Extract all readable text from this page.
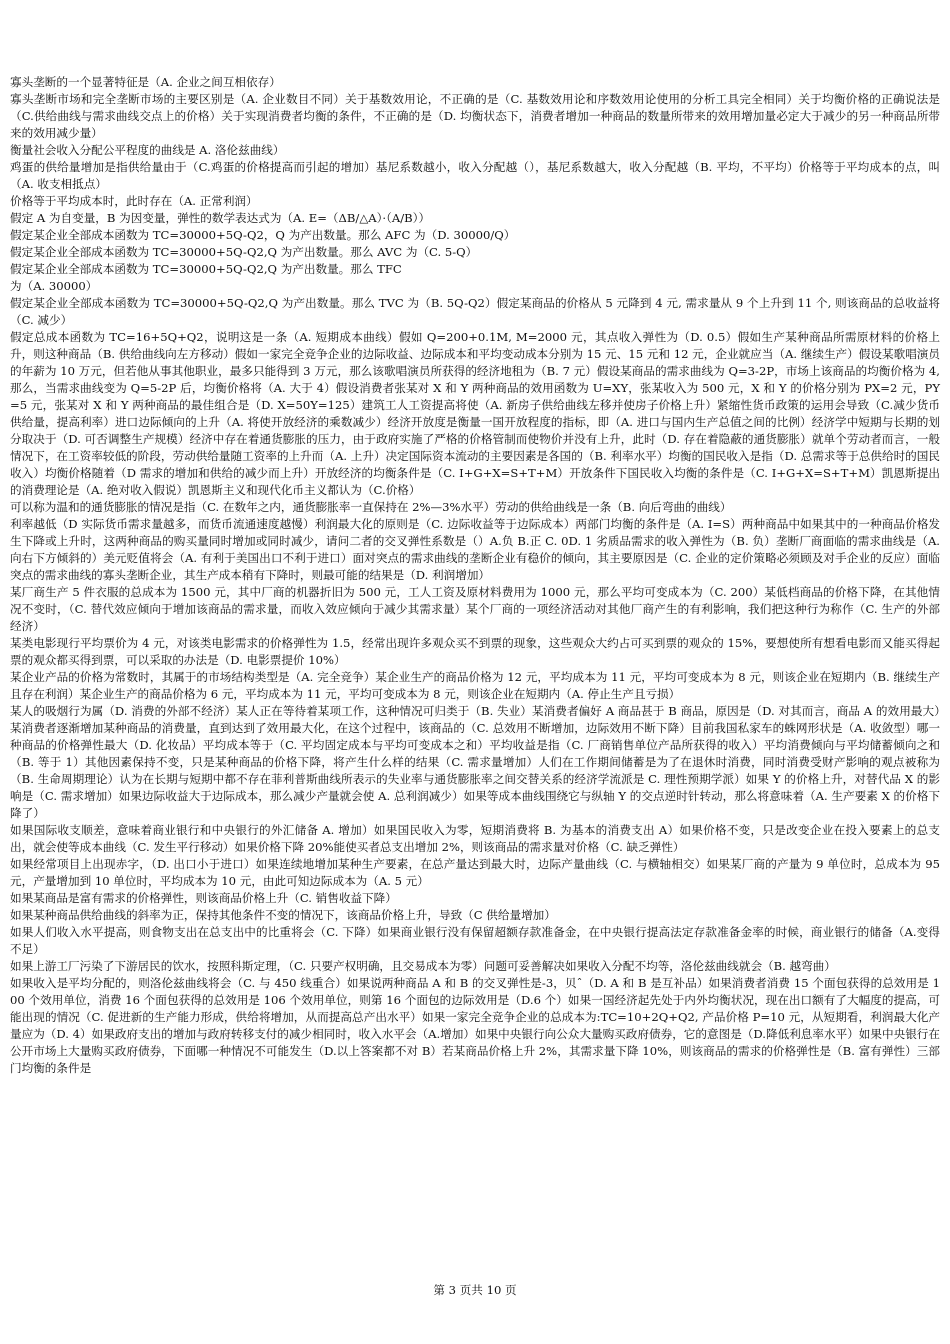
寡头垄断的一个显著特征是（A. 企业之间互相依存）

寡头垄断市场和完全垄断市场的主要区别是（A. 企业数目不同）关于基数效用论，不正确的是（C. 基数效用论和序数效用论使用的分析工具完全相同）关于均衡价格的正确说法是（C.供给曲线与需求曲线交点上的价格）关于实现消费者均衡的条件，不正确的是（D. 均衡状态下，消费者增加一种商品的数量所带来的效用增加量必定大于减少的另一种商品所带来的效用减少量）

衡量社会收入分配公平程度的曲线是 A. 洛伦兹曲线）

鸡蛋的供给量增加是指供给量由于（C.鸡蛋的价格提高而引起的增加）基尼系数越小，收入分配越（），基尼系数越大，收入分配越（B. 平均，不平均）价格等于平均成本的点，叫（A. 收支相抵点）

价格等于平均成本时，此时存在（A. 正常利润）

假定 A 为自变量，B 为因变量，弹性的数学表达式为（A. E=（ΔB/△A）·（A/B））

假定某企业全部成本函数为 TC=30000+5Q-Q2，Q 为产出数量。那么 AFC 为（D. 30000/Q）

假定某企业全部成本函数为 TC=30000+5Q-Q2,Q 为产出数量。那么 AVC 为（C. 5-Q）

假定某企业全部成本函数为 TC=30000+5Q-Q2,Q 为产出数量。那么 TFC

为（A. 30000）

假定某企业全部成本函数为 TC=30000+5Q-Q2,Q 为产出数量。那么 TVC 为（B. 5Q-Q2）假定某商品的价格从 5 元降到 4 元, 需求量从 9 个上升到 11 个, 则该商品的总收益将（C. 减少）

假定总成本函数为 TC=16+5Q+Q2，说明这是一条（A. 短期成本曲线）假如 Q=200+0.1M, M=2000 元，其点收入弹性为（D. 0.5）假如生产某种商品所需原材料的价格上升，则这种商品（B. 供给曲线向左方移动）假如一家完全竞争企业的边际收益、边际成本和平均变动成本分别为 15 元、15 元和 12 元，企业就应当（A. 继续生产）假设某歌唱演员的年薪为 10 万元，但若他从事其他职业，最多只能得到 3 万元，那么该歌唱演员所获得的经济地租为（B. 7 元）假设某商品的需求曲线为 Q=3-2P，市场上该商品的均衡价格为 4,那么，当需求曲线变为 Q=5-2P 后，均衡价格将（A. 大于 4）假设消费者张某对 X 和 Y 两种商品的效用函数为 U=XY，张某收入为 500 元，X 和 Y 的价格分别为 PX=2 元，PY=5 元，张某对 X 和 Y 两种商品的最佳组合是（D. X=50Y=125）建筑工人工资提高将使（A. 新房子供给曲线左移并使房子价格上升）紧缩性货币政策的运用会导致（C.减少货币供给量，提高利率）进口边际倾向的上升（A. 将使开放经济的乘数减少）经济开放度是衡量一国开放程度的指标，即（A. 进口与国内生产总值之间的比例）经济学中短期与长期的划分取决于（D. 可否调整生产规模）经济中存在着通货膨胀的压力，由于政府实施了严格的价格管制而使物价并没有上升，此时（D. 存在着隐蔽的通货膨胀）就单个劳动者而言，一般情况下，在工资率较低的阶段，劳动供给量随工资率的上升而（A. 上升）决定国际资本流动的主要因素是各国的（B. 利率水平）均衡的国民收入是指（D. 总需求等于总供给时的国民收入）均衡价格随着（D 需求的增加和供给的减少而上升）开放经济的均衡条件是（C. I+G+X=S+T+M）开放条件下国民收入均衡的条件是（C. I+G+X=S+T+M）凯恩斯提出的消费理论是（A. 绝对收入假说）凯恩斯主义和现代化币主义都认为（C.价格）

可以称为温和的通货膨胀的情况是指（C. 在数年之内，通货膨胀率一直保持在 2%—3%水平）劳动的供给曲线是一条（B. 向后弯曲的曲线）

利率越低（D 实际货币需求量越多，而货币流通速度越慢）利润最大化的原则是（C. 边际收益等于边际成本）两部门均衡的条件是（A. I=S）两种商品中如果其中的一种商品价格发生下降或上升时，这两种商品的购买量同时增加或同时减少，请问二者的交叉弹性系数是（）A.负 B.正 C. 0D. 1 劣质品需求的收入弹性为（B. 负）垄断厂商面临的需求曲线是（A. 向右下方倾斜的）美元贬值将会（A. 有利于美国出口不利于进口）面对突点的需求曲线的垄断企业有稳价的倾向，其主要原因是（C. 企业的定价策略必须顾及对手企业的反应）面临突点的需求曲线的寡头垄断企业，其生产成本稍有下降时，则最可能的结果是（D. 利润增加）

某厂商生产 5 件衣服的总成本为 1500 元，其中厂商的机器折旧为 500 元，工人工资及原材料费用为 1000 元，那么平均可变成本为（C. 200）某低档商品的价格下降，在其他情况不变时，（C. 替代效应倾向于增加该商品的需求量，而收入效应倾向于减少其需求量）某个厂商的一项经济活动对其他厂商产生的有利影响，我们把这种行为称作（C. 生产的外部经济）

某类电影现行平均票价为 4 元，对该类电影需求的价格弹性为 1.5，经常出现许多观众买不到票的现象，这些观众大约占可买到票的观众的 15%，要想使所有想看电影而又能买得起票的观众都买得到票，可以采取的办法是（D. 电影票提价 10%）

某企业产品的价格为常数时，其属于的市场结构类型是（A. 完全竞争）某企业生产的商品价格为 12 元，平均成本为 11 元，平均可变成本为 8 元，则该企业在短期内（B. 继续生产且存在利润）某企业生产的商品价格为 6 元，平均成本为 11 元，平均可变成本为 8 元，则该企业在短期内（A. 停止生产且亏损）

某人的吸烟行为属（D. 消费的外部不经济）某人正在等待着某项工作，这种情况可归类于（B. 失业）某消费者偏好 A 商品甚于 B 商品，原因是（D. 对其而言，商品 A 的效用最大）某消费者逐渐增加某种商品的消费量，直到达到了效用最大化，在这个过程中，该商品的（C. 总效用不断增加，边际效用不断下降）目前我国私家车的蛛网形状是（A. 收敛型）哪一种商品的价格弹性最大（D. 化妆品）平均成本等于（C. 平均固定成本与平均可变成本之和）平均收益是指（C. 厂商销售单位产品所获得的收入）平均消费倾向与平均储蓄倾向之和（B. 等于 1）其他因素保持不变，只是某种商品的价格下降，将产生什么样的结果（C. 需求量增加）人们在工作期间储蓄是为了在退休时消费，同时消费受财产影响的观点被称为（B. 生命周期理论）认为在长期与短期中都不存在菲利普斯曲线所表示的失业率与通货膨胀率之间交替关系的经济学流派是 C. 理性预期学派）如果 Y 的价格上升，对替代品 X 的影响是（C. 需求增加）如果边际收益大于边际成本，那么减少产量就会使 A. 总利润减少）如果等成本曲线围绕它与纵轴 Y 的交点逆时针转动，那么将意味着（A. 生产要素 X 的价格下降了）

如果国际收支顺差，意味着商业银行和中央银行的外汇储备 A. 增加）如果国民收入为零，短期消费将 B. 为基本的消费支出 A）如果价格不变，只是改变企业在投入要素上的总支出，就会使等成本曲线（C. 发生平行移动）如果价格下降 20%能使买者总支出增加 2%，则该商品的需求量对价格（C. 缺乏弹性）

如果经常项目上出现赤字，（D. 出口小于进口）如果连续地增加某种生产要素，在总产量达到最大时，边际产量曲线（C. 与横轴相交）如果某厂商的产量为 9 单位时，总成本为 95 元，产量增加到 10 单位时，平均成本为 10 元，由此可知边际成本为（A. 5 元）

如果某商品是富有需求的价格弹性，则该商品价格上升（C. 销售收益下降）

如果某种商品供给曲线的斜率为正，保持其他条件不变的情况下，该商品价格上升，导致（C 供给量增加）

如果人们收入水平提高，则食物支出在总支出中的比重将会（C. 下降）如果商业银行没有保留超额存款准备金，在中央银行提高法定存款准备金率的时候，商业银行的储备（A.变得不足）

如果上游工厂污染了下游居民的饮水，按照科斯定理，（C. 只要产权明确，且交易成本为零）问题可妥善解决如果收入分配不均等，洛伦兹曲线就会（B. 越弯曲）

如果收入是平均分配的，则洛伦兹曲线将会（C. 与 450 线重合）如果说两种商品 A 和 B 的交叉弹性是-3，贝ˆ（D. A 和 B 是互补品）如果消费者消费 15 个面包获得的总效用是 100 个效用单位，消费 16 个面包获得的总效用是 106 个效用单位，则第 16 个面包的边际效用是（D.6 个）如果一国经济起先处于内外均衡状况，现在出口额有了大幅度的提高，可能出现的情况（C. 促进新的生产能力形成，供给将增加，从而提高总产出水平）如果一家完全竞争企业的总成本为:TC=10+2Q+Q2, 产品价格 P=10 元，从短期看，利润最大化产量应为（D. 4）如果政府支出的增加与政府转移支付的减少相同时，收入水平会（A.增加）如果中央银行向公众大量购买政府债券，它的意图是（D.降低利息率水平）如果中央银行在公开市场上大量购买政府债券，下面哪一种情况不可能发生（D.以上答案都不对 B）若某商品价格上升 2%，其需求量下降 10%，则该商品的需求的价格弹性是（B. 富有弹性）三部门均衡的条件是

第 3 页共 10 页
